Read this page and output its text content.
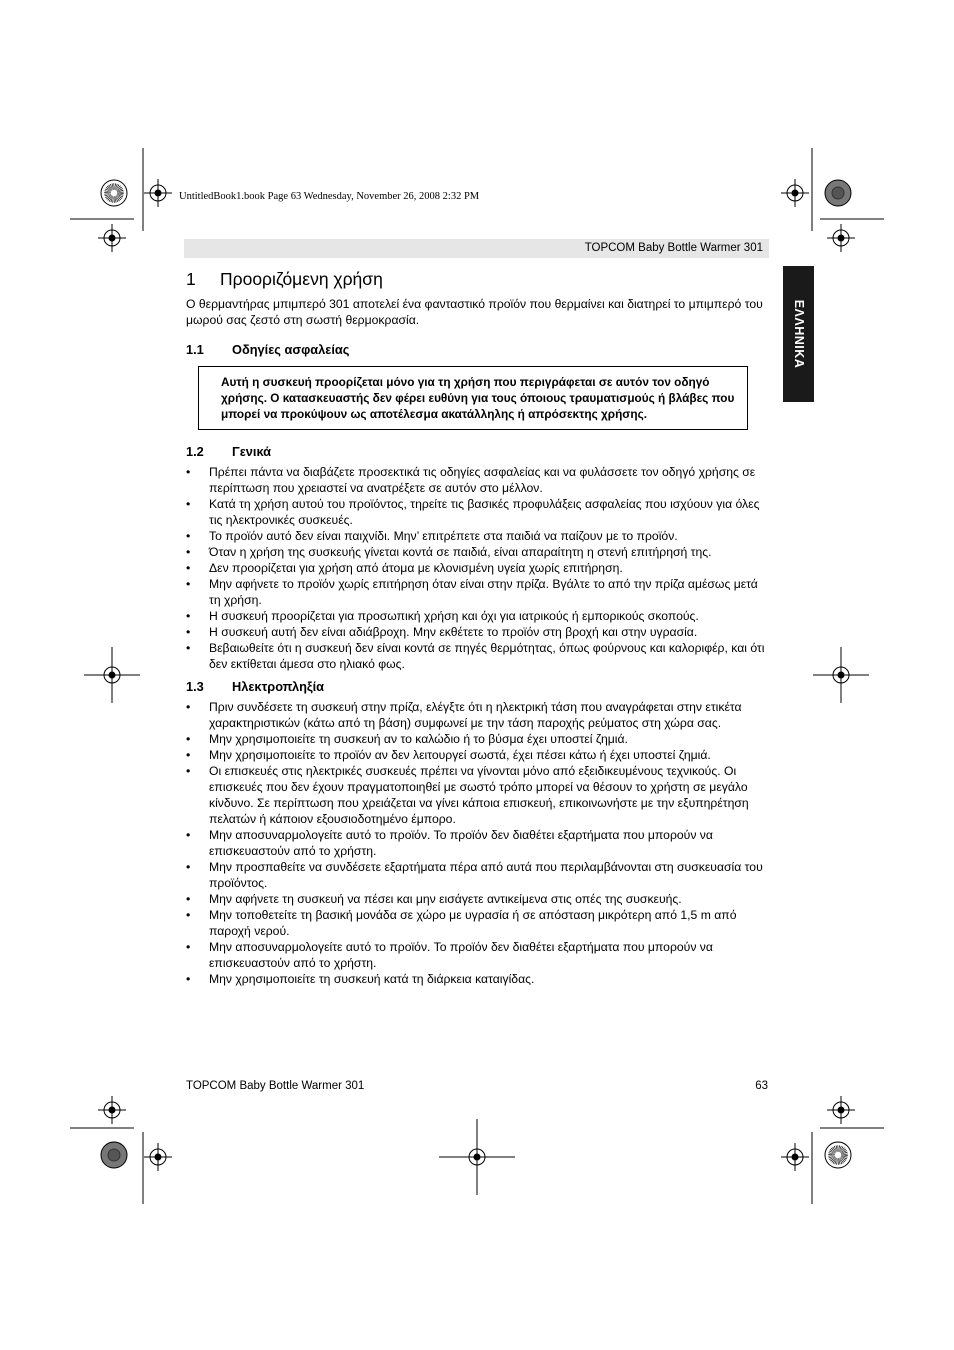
UntitledBook1.book Page 63 Wednesday, November 26, 2008 2:32 PM
TOPCOM Baby Bottle Warmer 301
ΕΛΛΗΝΙΚΑ
1	Προοριζόμενη χρήση

Ο θερμαντήρας μπιμπερό 301 αποτελεί ένα φανταστικό προϊόν που θερμαίνει και διατηρεί το μπιμπερό του μωρού σας ζεστό στη σωστή θερμοκρασία.

1.1	Οδηγίες ασφαλείας
Αυτή η συσκευή προορίζεται μόνο για τη χρήση που περιγράφεται σε αυτόν τον οδηγό χρήσης. Ο κατασκευαστής δεν φέρει ευθύνη για τους όποιους τραυματισμούς ή βλάβες που μπορεί να προκύψουν ως αποτέλεσμα ακατάλληλης ή απρόσεκτης χρήσης.
1.2	Γενικά
• Πρέπει πάντα να διαβάζετε προσεκτικά τις οδηγίες ασφαλείας και να φυλάσσετε τον οδηγό χρήσης σε περίπτωση που χρειαστεί να ανατρέξετε σε αυτόν στο μέλλον.
• Κατά τη χρήση αυτού του προϊόντος, τηρείτε τις βασικές προφυλάξεις ασφαλείας που ισχύουν για όλες τις ηλεκτρονικές συσκευές.
• Το προϊόν αυτό δεν είναι παιχνίδι. Μην’ επιτρέπετε στα παιδιά να παίζουν με το προϊόν.
• Όταν η χρήση της συσκευής γίνεται κοντά σε παιδιά, είναι απαραίτητη η στενή επιτήρησή της.
• Δεν προορίζεται για χρήση από άτομα με κλονισμένη υγεία χωρίς επιτήρηση.
• Μην αφήνετε το προϊόν χωρίς επιτήρηση όταν είναι στην πρίζα. Βγάλτε το από την πρίζα αμέσως μετά τη χρήση.
• Η συσκευή προορίζεται για προσωπική χρήση και όχι για ιατρικούς ή εμπορικούς σκοπούς.
• Η συσκευή αυτή δεν είναι αδιάβροχη. Μην εκθέτετε το προϊόν στη βροχή και στην υγρασία.
• Βεβαιωθείτε ότι η συσκευή δεν είναι κοντά σε πηγές θερμότητας, όπως φούρνους και καλοριφέρ, και ότι δεν εκτίθεται άμεσα στο ηλιακό φως.
1.3	Ηλεκτροπληξία
• Πριν συνδέσετε τη συσκευή στην πρίζα, ελέγξτε ότι η ηλεκτρική τάση που αναγράφεται στην ετικέτα χαρακτηριστικών (κάτω από τη βάση) συμφωνεί με την τάση παροχής ρεύματος στη χώρα σας.
• Μην χρησιμοποιείτε τη συσκευή αν το καλώδιο ή το βύσμα έχει υποστεί ζημιά.
• Μην χρησιμοποιείτε το προϊόν αν δεν λειτουργεί σωστά, έχει πέσει κάτω ή έχει υποστεί ζημιά.
• Οι επισκευές στις ηλεκτρικές συσκευές πρέπει να γίνονται μόνο από εξειδικευμένους τεχνικούς. Οι επισκευές που δεν έχουν πραγματοποιηθεί με σωστό τρόπο μπορεί να θέσουν το χρήστη σε μεγάλο κίνδυνο. Σε περίπτωση που χρειάζεται να γίνει κάποια επισκευή, επικοινωνήστε με την εξυπηρέτηση πελατών ή κάποιον εξουσιοδοτημένο έμπορο.
• Μην αποσυναρμολογείτε αυτό το προϊόν. Το προϊόν δεν διαθέτει εξαρτήματα που μπορούν να επισκευαστούν από το χρήστη.
• Μην προσπαθείτε να συνδέσετε εξαρτήματα πέρα από αυτά που περιλαμβάνονται στη συσκευασία του προϊόντος.
• Μην αφήνετε τη συσκευή να πέσει και μην εισάγετε αντικείμενα στις οπές της συσκευής.
• Μην τοποθετείτε τη βασική μονάδα σε χώρο με υγρασία ή σε απόσταση μικρότερη από 1,5 m από παροχή νερού.
• Μην αποσυναρμολογείτε αυτό το προϊόν. Το προϊόν δεν διαθέτει εξαρτήματα που μπορούν να επισκευαστούν από το χρήστη.
• Μην χρησιμοποιείτε τη συσκευή κατά τη διάρκεια καταιγίδας.
TOPCOM Baby Bottle Warmer 301	63
